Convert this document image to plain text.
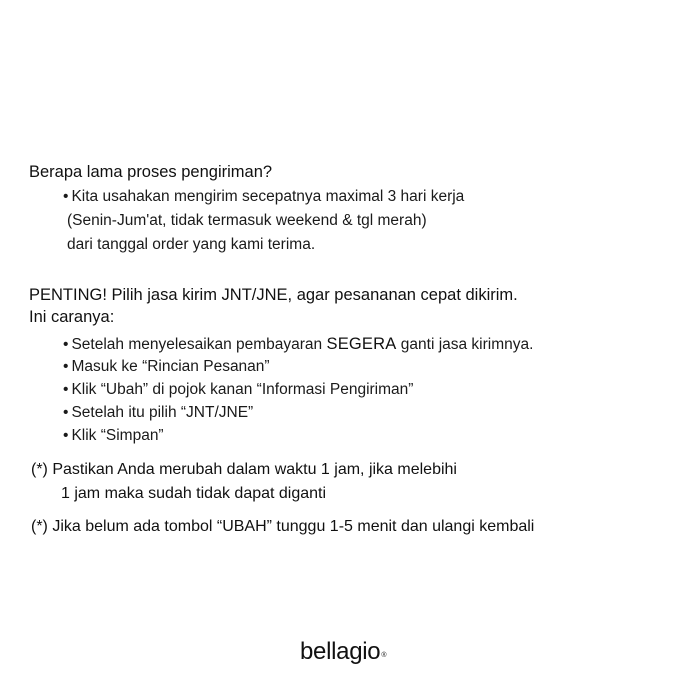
Berapa lama proses pengiriman?
• Kita usahakan mengirim secepatnya maximal 3 hari kerja
(Senin-Jum'at, tidak termasuk weekend & tgl merah)
dari tanggal order yang kami terima.
PENTING! Pilih jasa kirim JNT/JNE, agar pesananan cepat dikirim.
Ini caranya:
• Setelah menyelesaikan pembayaran SEGERA ganti jasa kirimnya.
• Masuk ke “Rincian Pesanan”
• Klik “Ubah” di pojok kanan “Informasi Pengiriman”
• Setelah itu pilih “JNT/JNE”
• Klik “Simpan”
(*) Pastikan Anda merubah dalam waktu 1 jam, jika melebihi
1 jam maka sudah tidak dapat diganti
(*) Jika belum ada tombol “UBAH” tunggu 1-5 menit dan ulangi kembali
bellagio®
